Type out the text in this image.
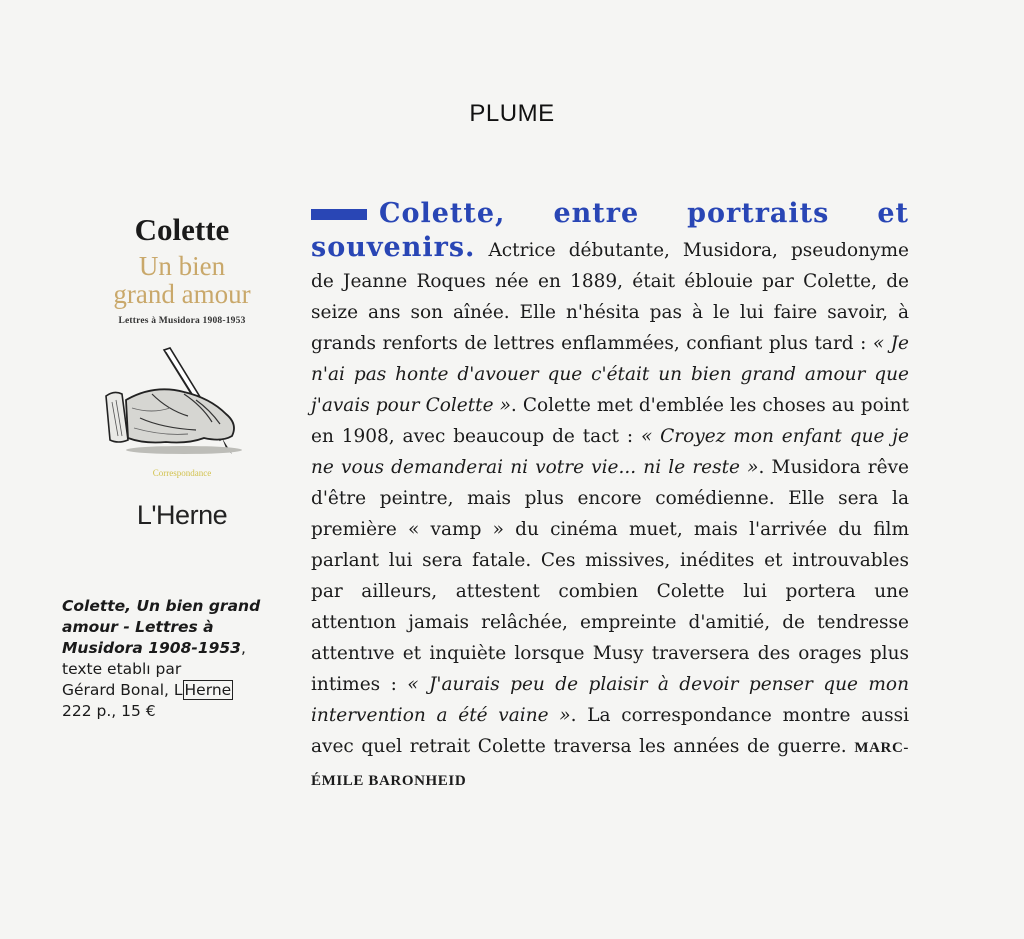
PLUME
Colette
Un bien
grand amour
Lettres à Musidora 1908-1953
Correspondance
L'Herne
Colette, Un bien grand amour - Lettres à Musidora 1908-1953,
texte etablı par
Gérard Bonal, L Herne
222 p., 15 €
Colette, entre portraits et souvenirs. Actrice débutante, Musidora, pseudonyme de Jeanne Roques née en 1889, était éblouie par Colette, de seize ans son aînée. Elle n'hésita pas à le lui faire savoir, à grands renforts de lettres enflammées, confiant plus tard : « Je n'ai pas honte d'avouer que c'était un bien grand amour que j'avais pour Colette ». Colette met d'emblée les choses au point en 1908, avec beaucoup de tact : « Croyez mon enfant que je ne vous demanderai ni votre vie... ni le reste ». Musidora rêve d'être peintre, mais plus encore comédienne. Elle sera la première « vamp » du cinéma muet, mais l'arrivée du film parlant lui sera fatale. Ces missives, inédites et introuvables par ailleurs, attestent combien Colette lui portera une attentıon jamais relâchée, empreinte d'amitié, de tendresse attentıve et inquiète lorsque Musy traversera des orages plus intimes : « J'aurais peu de plaisir à devoir penser que mon intervention a été vaine ». La correspondance montre aussi avec quel retrait Colette traversa les années de guerre. MARC-ÉMILE BARONHEID
